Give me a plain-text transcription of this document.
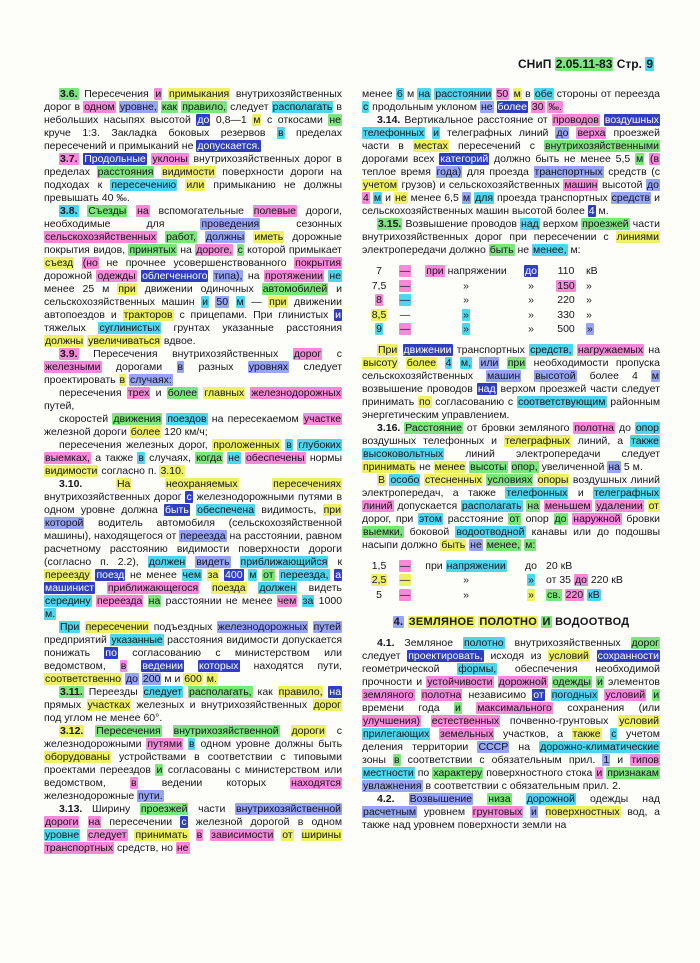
СНиП 2.05.11-83 Стр. 9

3.6. Пересечения и примыкания внутрихозяйственных дорог в одном уровне, как правило, следует располагать в небольших насыпях высотой до 0,8—1 м с откосами не круче 1:3. Закладка боковых резервов в пределах пересечений и примыканий не допускается.

3.7. Продольные уклоны внутрихозяйственных дорог в пределах расстояния видимости поверхности дороги на подходах к пересечению или примыканию не должны превышать 40 ‰.

3.8. Съезды на вспомогательные полевые дороги, необходимые	для	проведения	сезонных сельскохозяйственных работ, должны иметь дорожные покрытия видов, принятых на дороге, с которой примыкает съезд (но не прочнее усовершенствованного покрытия дорожной одежды облегченного типа), на протяжении не менее 25 м при движении одиночных автомобилей и сельскохозяйственных машин и 50 м — при движении автопоездов и тракторов с прицепами. При глинистых и тяжелых суглинистых грунтах указанные расстояния должны увеличиваться вдвое.

3.9. Пересечения внутрихозяйственных дорог с железными дорогами в разных уровнях следует проектировать в случаях:

пересечения трех и более главных железнодорожных путей,

скоростей движения поездов на пересекаемом участке железной дороги более 120 км/ч;

пересечения железных дорог, проложенных в глубоких выемках, а также в случаях, когда не обеспечены нормы видимости согласно п. 3.10.

3.10.	На	неохраняемых	пересечениях внутрихозяйственных дорог с железнодорожными путями в одном уровне должна быть обеспечена видимость, при которой водитель автомобиля (сельскохозяйственной машины), находящегося от переезда на расстоянии, равном расчетному расстоянию видимости поверхности дороги (согласно п. 2.2), должен видеть приближающийся к переезду поезд не менее чем за 400 м от переезда, а машинист приближающегося поезда должен видеть середину переезда на расстоянии не менее чем за 1000 м.

При пересечении подъездных железнодорожных путей предприятий указанные расстояния видимости допускается понижать по согласованию с министерством или ведомством, в ведении которых находятся пути, соответственно до 200 м и 600 м.

3.11. Переезды следует располагать, как правило, на прямых участках железных и внутрихозяйственных дорог под углом не менее 60°.

3.12. Пересечения внутрихозяйственной дороги с железнодорожными путями в одном уровне должны быть оборудованы устройствами в соответствии с типовыми проектами переездов и согласованы с министерством или ведомством, в ведении которых находятся железнодорожные пути.

3.13. Ширину проезжей части внутрихозяйственной дороги на пересечении с железной дорогой в одном уровне следует принимать в зависимости от ширины транспортных средств, но не

менее 6 м на расстоянии 50 м в обе стороны от переезда с продольным уклоном не более 30 ‰.

3.14. Вертикальное расстояние от проводов воздушных телефонных и телеграфных линий до верха проезжей части в местах пересечений с внутрихозяйственными дорогами всех категорий должно быть не менее 5,5 м (в теплое время года) для проезда транспортных средств (с учетом грузов) и сельскохозяйственных машин высотой до 4 м и не менее 6,5 м для проезда транспортных средств и сельскохозяйственных машин высотой более 4 м.

3.15. Возвышение проводов над верхом проезжей части внутрихозяйственных дорог при пересечении с линиями электропередачи должно быть не менее, м:

7	—	при напряжении	до	110	кВ
7,5	—	»	»	150	»
8	—	»	»	220	»
8,5	—	»	»	330	»
9	—	»	»	500	»

При движении транспортных средств, нагружаемых на высоту более 4 м, или при необходимости пропуска сельскохозяйственных машин высотой более 4 м возвышение проводов над верхом проезжей части следует принимать по согласованию с соответствующим районным энергетическим управлением.

3.16. Расстояние от бровки земляного полотна до опор воздушных телефонных и телеграфных линий, а также высоковольтных линий электропередачи следует принимать не менее высоты опор, увеличенной на 5 м.

В особо стесненных условиях опоры воздушных линий электропередач, а также телефонных и телеграфных линий допускается располагать на меньшем удалении от дорог, при этом расстояние от опор до наружной бровки выемки, боковой водоотводной канавы или до подошвы насыпи должно быть не менее, м:

1,5	—	при напряжении	до 20 кВ
2,5	—	»	»	от 35 до 220 кВ
5	—	»	»	св. 220 кВ
4. ЗЕМЛЯНОЕ ПОЛОТНО И ВОДООТВОД

4.1. Земляное полотно внутрихозяйственных дорог следует проектировать, исходя из условий сохранности геометрической формы, обеспечения необходимой прочности и устойчивости дорожной одежды и элементов земляного полотна независимо от погодных условий и времени года и максимального сохранения (или улучшения) естественных почвенно-грунтовых условий прилегающих земельных участков, а также с учетом деления территории СССР на дорожно-климатические зоны в соответствии с обязательным прил. 1 и типов местности по характеру поверхностного стока и признакам увлажнения в соответствии с обязательным прил. 2.

4.2. Возвышение низа дорожной одежды над расчетным уровнем грунтовых и поверхностных вод, а также над уровнем поверхности земли на
